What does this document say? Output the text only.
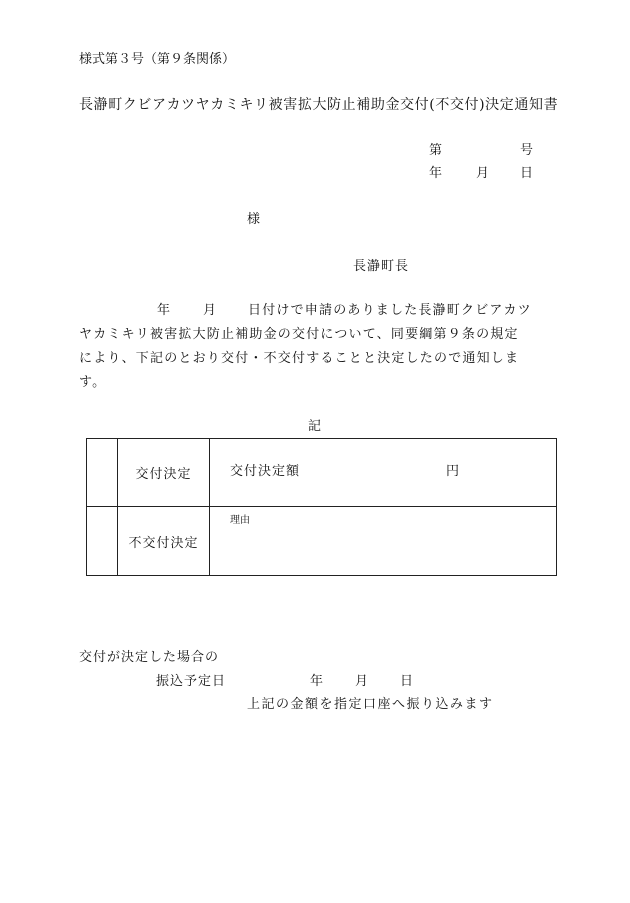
様式第３号（第９条関係）
長瀞町クビアカツヤカミキリ被害拡大防止補助金交付(不交付)決定通知書
第	号
年	月 日
様
長瀞町長
年 月 日付けで申請のありました長瀞町クビアカツ
ヤカミキリ被害拡大防止補助金の交付について、同要綱第９条の規定
により、下記のとおり交付・不交付することと決定したので通知しま
す。
記
	交付決定	交付決定額 円

	不交付決定	理由
交付が決定した場合の
振込予定日	年 月 日
上記の金額を指定口座へ振り込みます
